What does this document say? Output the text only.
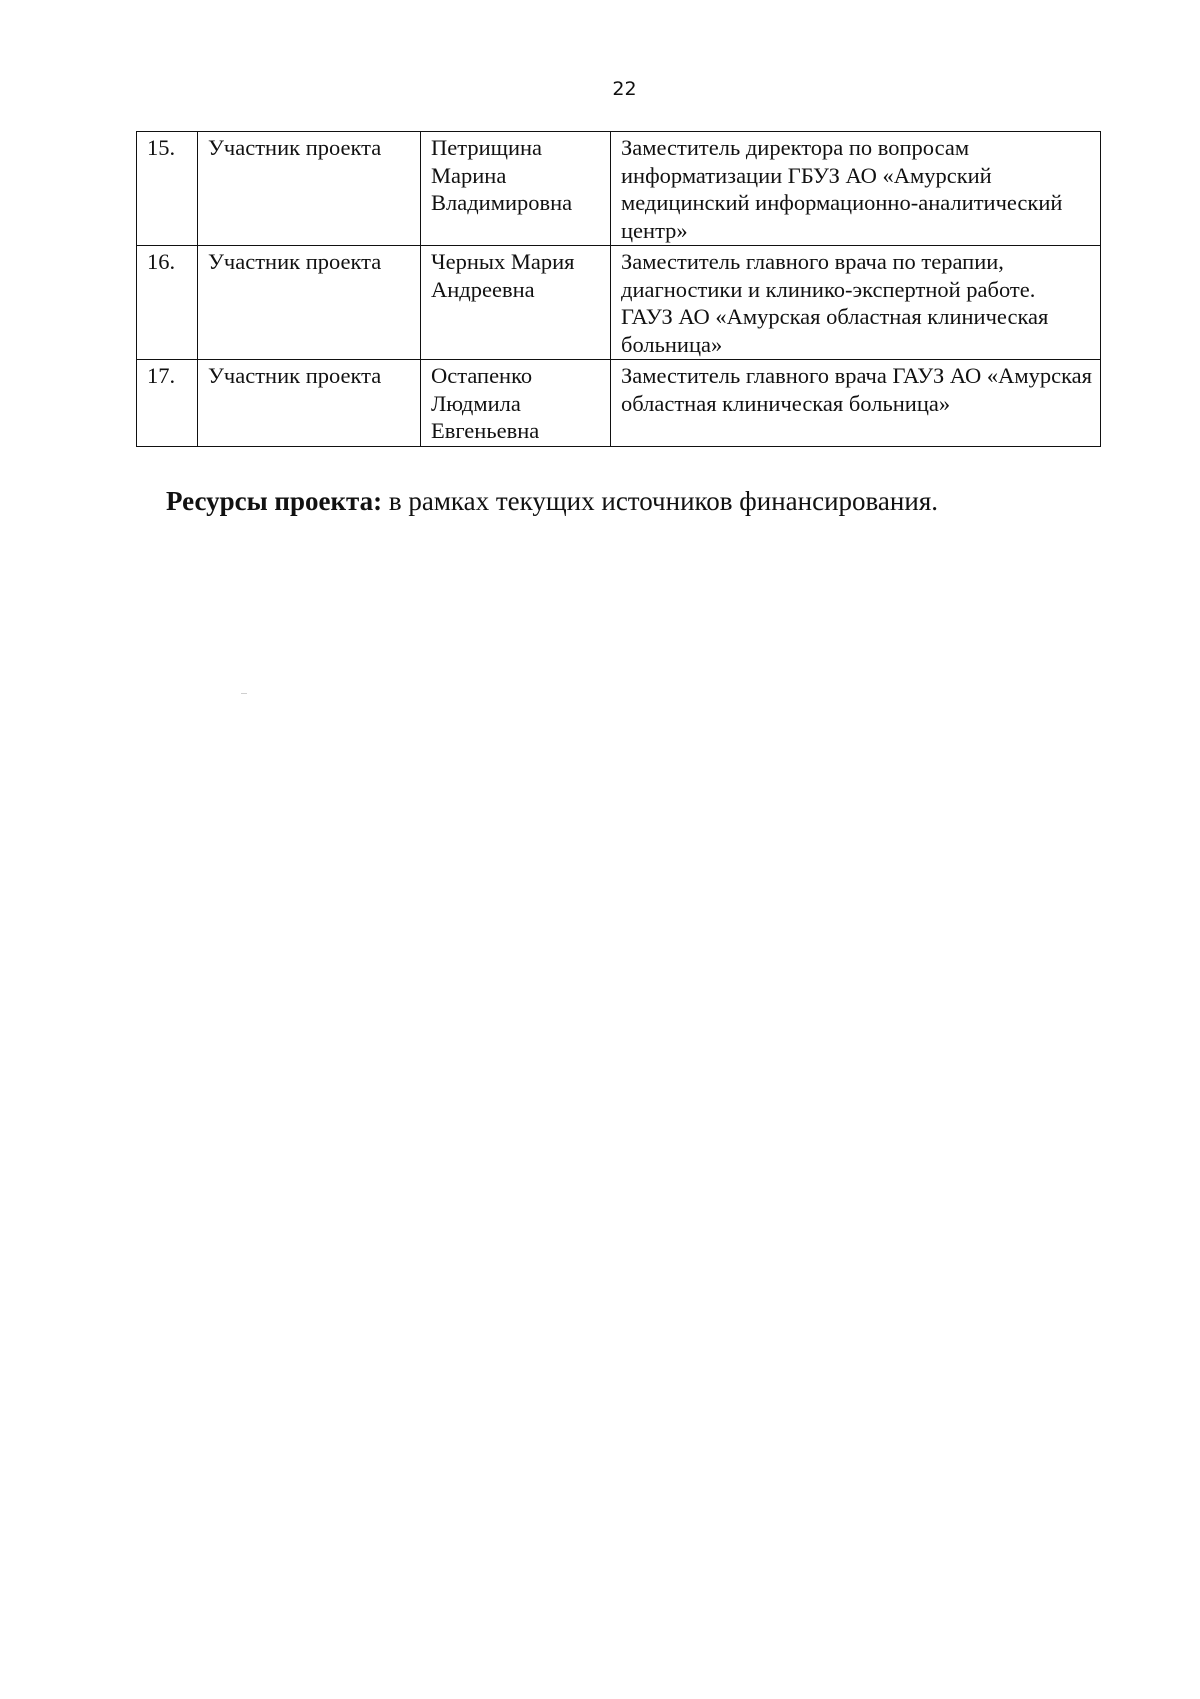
22
15.	Участник проекта	Петрищина Марина Владимировна	Заместитель директора по вопросам информатизации ГБУЗ АО «Амурский медицинский информационно-аналитический центр»
16.	Участник проекта	Черных Мария Андреевна	Заместитель главного врача по терапии, диагностики и клинико-экспертной работе. ГАУЗ АО «Амурская областная клиническая больница»
17.	Участник проекта	Остапенко Людмила Евгеньевна	Заместитель главного врача ГАУЗ АО «Амурская областная клиническая больница»

Ресурсы проекта: в рамках текущих источников финансирования.
